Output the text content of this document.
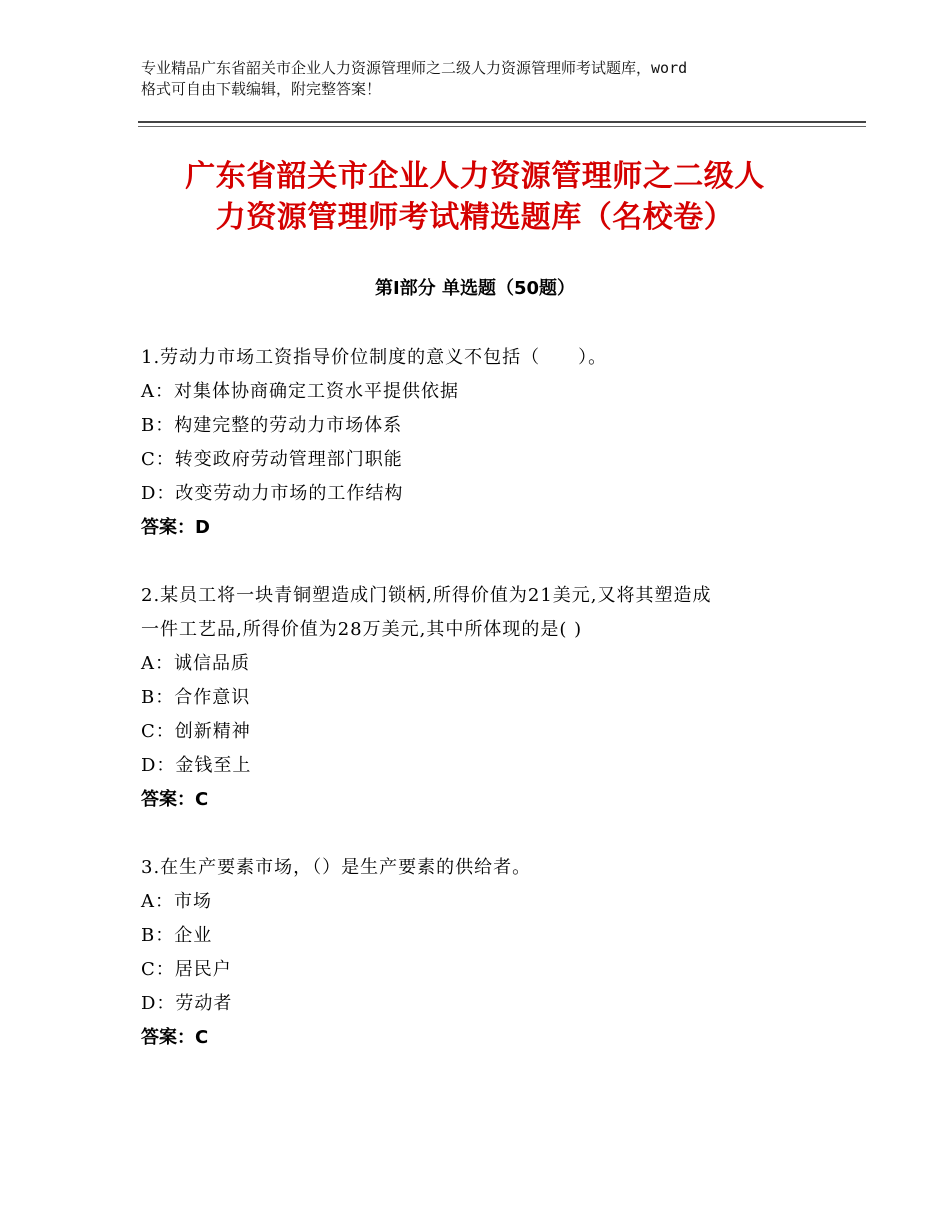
专业精品广东省韶关市企业人力资源管理师之二级人力资源管理师考试题库，word
格式可自由下载编辑，附完整答案！
广东省韶关市企业人力资源管理师之二级人
力资源管理师考试精选题库（名校卷）
第Ⅰ部分 单选题（50题）
1.劳动力市场工资指导价位制度的意义不包括（　　）。
A：对集体协商确定工资水平提供依据
B：构建完整的劳动力市场体系
C：转变政府劳动管理部门职能
D：改变劳动力市场的工作结构
答案：D
2.某员工将一块青铜塑造成门锁柄,所得价值为21美元,又将其塑造成
一件工艺品,所得价值为28万美元,其中所体现的是( )
A：诚信品质
B：合作意识
C：创新精神
D：金钱至上
答案：C
3.在生产要素市场，（）是生产要素的供给者。
A：市场
B：企业
C：居民户
D：劳动者
答案：C
